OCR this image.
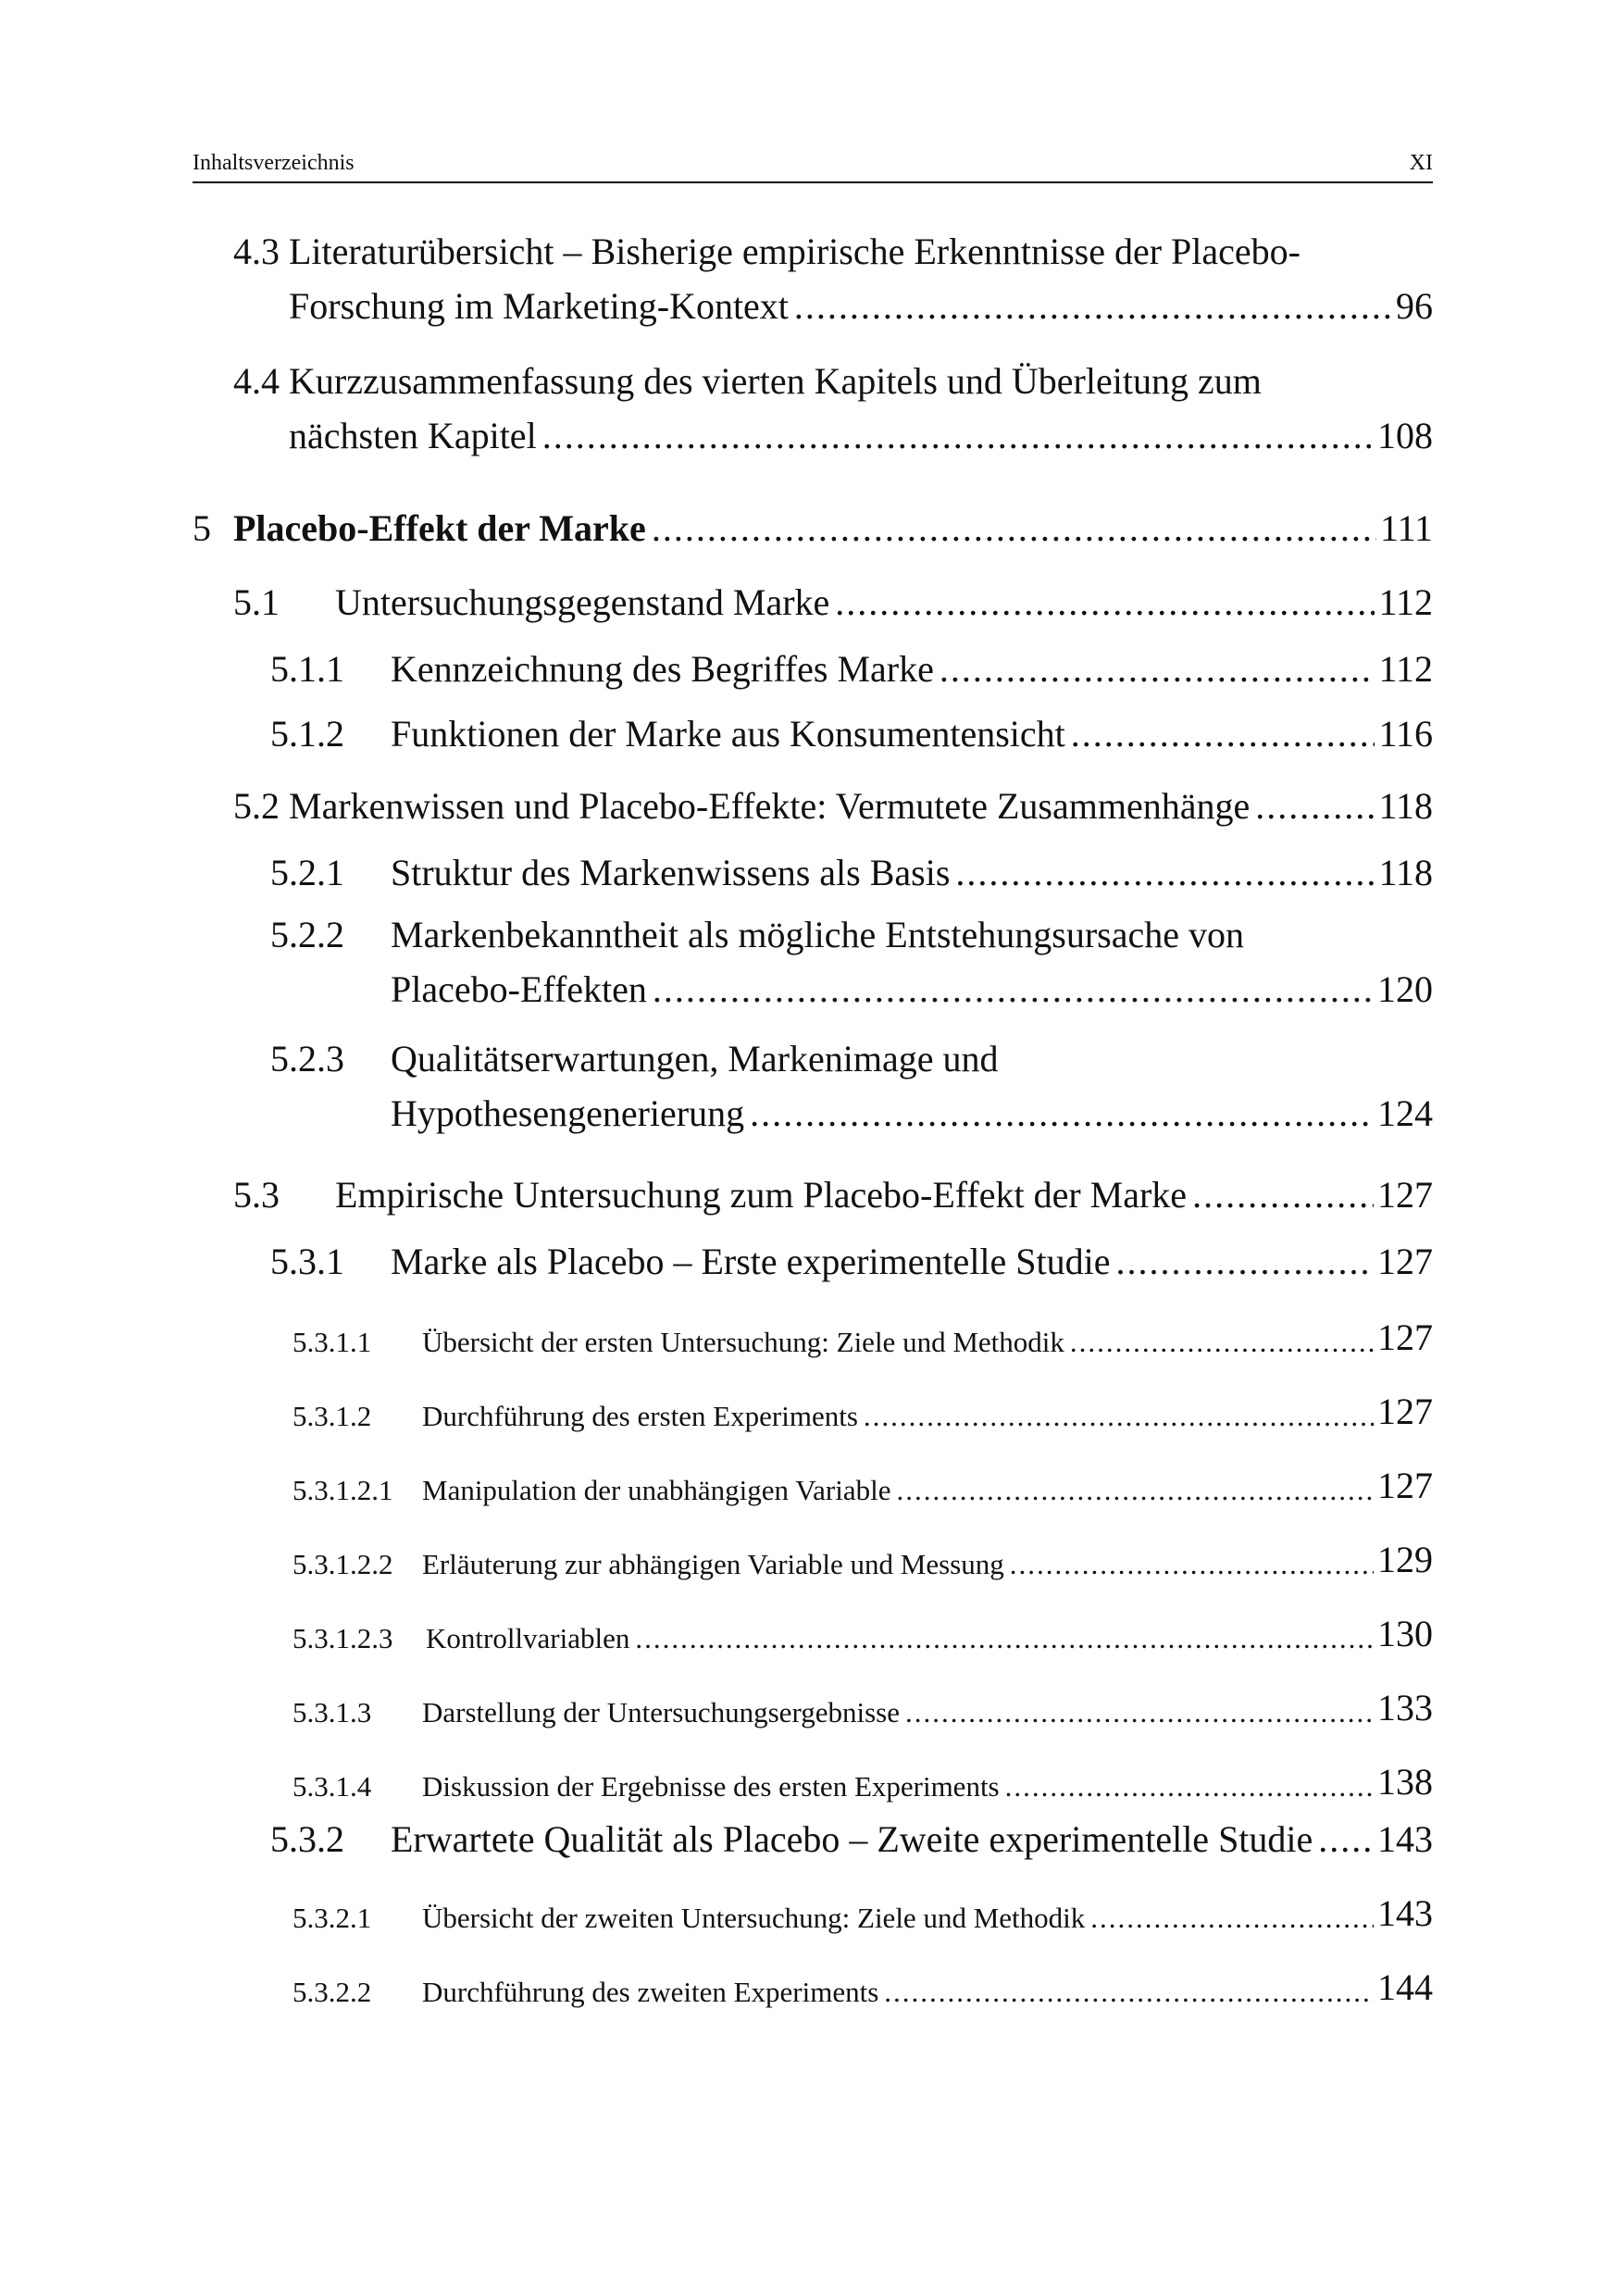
Inhaltsverzeichnis	XI
4.3 Literaturübersicht – Bisherige empirische Erkenntnisse der Placebo-
Forschung im Marketing-Kontext .....	96
4.4 Kurzzusammenfassung des vierten Kapitels und Überleitung zum
nächsten Kapitel .....	108
5 Placebo-Effekt der Marke .....	111
5.1 Untersuchungsgegenstand Marke .....	112
5.1.1 Kennzeichnung des Begriffes Marke .....	112
5.1.2 Funktionen der Marke aus Konsumentensicht .....	116
5.2 Markenwissen und Placebo-Effekte: Vermutete Zusammenhänge .....	118
5.2.1 Struktur des Markenwissens als Basis .....	118
5.2.2 Markenbekanntheit als mögliche Entstehungsursache von
Placebo-Effekten .....	120
5.2.3 Qualitätserwartungen, Markenimage und
Hypothesengenerierung .....	124
5.3 Empirische Untersuchung zum Placebo-Effekt der Marke .....	127
5.3.1 Marke als Placebo – Erste experimentelle Studie .....	127
5.3.1.1 Übersicht der ersten Untersuchung: Ziele und Methodik .....	127
5.3.1.2 Durchführung des ersten Experiments .....	127
5.3.1.2.1 Manipulation der unabhängigen Variable .....	127
5.3.1.2.2 Erläuterung zur abhängigen Variable und Messung .....	129
5.3.1.2.3 Kontrollvariablen .....	130
5.3.1.3 Darstellung der Untersuchungsergebnisse .....	133
5.3.1.4 Diskussion der Ergebnisse des ersten Experiments .....	138
5.3.2 Erwartete Qualität als Placebo – Zweite experimentelle Studie ..... 143
5.3.2.1 Übersicht der zweiten Untersuchung: Ziele und Methodik .....	143
5.3.2.2 Durchführung des zweiten Experiments .....	144
